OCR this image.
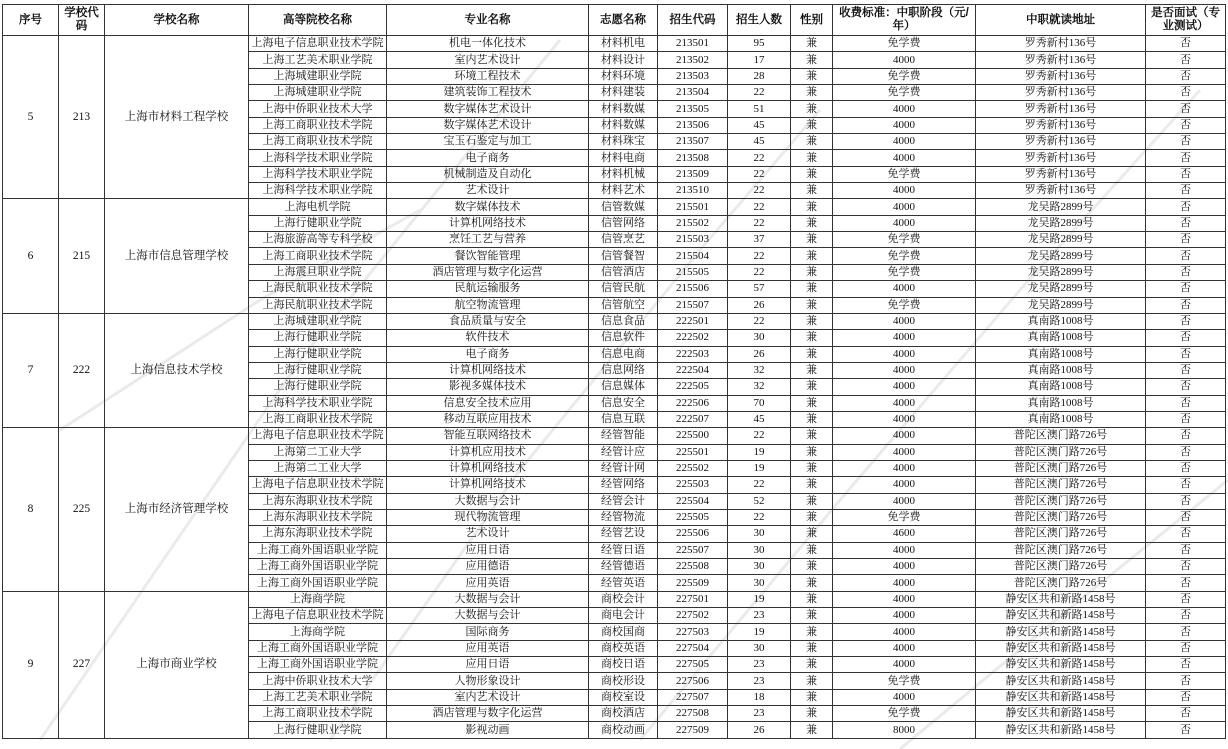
序号	学校代码	学校名称	高等院校名称	专业名称	志愿名称	招生代码	招生人数	性别	收费标准：中职阶段（元/年）	中职就读地址	是否面试（专业测试）
5	213	上海市材料工程学校	上海电子信息职业技术学院	机电一体化技术	材料机电	213501	95	兼	免学费	罗秀新村136号	否
			上海工艺美术职业学院	室内艺术设计	材料设计	213502	17	兼	4000	罗秀新村136号	否
			上海城建职业学院	环境工程技术	材料环境	213503	28	兼	免学费	罗秀新村136号	否
			上海城建职业学院	建筑装饰工程技术	材料建装	213504	22	兼	免学费	罗秀新村136号	否
			上海中侨职业技术大学	数字媒体艺术设计	材料数媒	213505	51	兼	4000	罗秀新村136号	否
			上海工商职业技术学院	数字媒体艺术设计	材料数媒	213506	45	兼	4000	罗秀新村136号	否
			上海工商职业技术学院	宝玉石鉴定与加工	材料珠宝	213507	45	兼	4000	罗秀新村136号	否
			上海科学技术职业学院	电子商务	材料电商	213508	22	兼	4000	罗秀新村136号	否
			上海科学技术职业学院	机械制造及自动化	材料机械	213509	22	兼	免学费	罗秀新村136号	否
			上海科学技术职业学院	艺术设计	材料艺术	213510	22	兼	4000	罗秀新村136号	否
6	215	上海市信息管理学校	上海电机学院	数字媒体技术	信管数媒	215501	22	兼	4000	龙吴路2899号	否
			上海行健职业学院	计算机网络技术	信管网络	215502	22	兼	4000	龙吴路2899号	否
			上海旅游高等专科学校	烹饪工艺与营养	信管烹艺	215503	37	兼	免学费	龙吴路2899号	否
			上海工商职业技术学院	餐饮智能管理	信管餐智	215504	22	兼	免学费	龙吴路2899号	否
			上海震旦职业学院	酒店管理与数字化运营	信管酒店	215505	22	兼	免学费	龙吴路2899号	否
			上海民航职业技术学院	民航运输服务	信管民航	215506	57	兼	4000	龙吴路2899号	否
			上海民航职业技术学院	航空物流管理	信管航空	215507	26	兼	免学费	龙吴路2899号	否
7	222	上海信息技术学校	上海城建职业学院	食品质量与安全	信息食品	222501	22	兼	4000	真南路1008号	否
			上海行健职业学院	软件技术	信息软件	222502	30	兼	4000	真南路1008号	否
			上海行健职业学院	电子商务	信息电商	222503	26	兼	4000	真南路1008号	否
			上海行健职业学院	计算机网络技术	信息网络	222504	32	兼	4000	真南路1008号	否
			上海行健职业学院	影视多媒体技术	信息媒体	222505	32	兼	4000	真南路1008号	否
			上海科学技术职业学院	信息安全技术应用	信息安全	222506	70	兼	4000	真南路1008号	否
			上海工商职业技术学院	移动互联应用技术	信息互联	222507	45	兼	4000	真南路1008号	否
8	225	上海市经济管理学校	上海电子信息职业技术学院	智能互联网络技术	经管智能	225500	22	兼	4000	普陀区澳门路726号	否
			上海第二工业大学	计算机应用技术	经管计应	225501	19	兼	4000	普陀区澳门路726号	否
			上海第二工业大学	计算机网络技术	经管计网	225502	19	兼	4000	普陀区澳门路726号	否
			上海电子信息职业技术学院	计算机网络技术	经管网络	225503	22	兼	4000	普陀区澳门路726号	否
			上海东海职业技术学院	大数据与会计	经管会计	225504	52	兼	4000	普陀区澳门路726号	否
			上海东海职业技术学院	现代物流管理	经管物流	225505	22	兼	免学费	普陀区澳门路726号	否
			上海东海职业技术学院	艺术设计	经管艺设	225506	30	兼	4600	普陀区澳门路726号	否
			上海工商外国语职业学院	应用日语	经管日语	225507	30	兼	4000	普陀区澳门路726号	否
			上海工商外国语职业学院	应用德语	经管德语	225508	30	兼	4000	普陀区澳门路726号	否
			上海工商外国语职业学院	应用英语	经管英语	225509	30	兼	4000	普陀区澳门路726号	否
9	227	上海市商业学校	上海商学院	大数据与会计	商校会计	227501	19	兼	4000	静安区共和新路1458号	否
			上海电子信息职业技术学院	大数据与会计	商电会计	227502	23	兼	4000	静安区共和新路1458号	否
			上海商学院	国际商务	商校国商	227503	19	兼	4000	静安区共和新路1458号	否
			上海工商外国语职业学院	应用英语	商校英语	227504	30	兼	4000	静安区共和新路1458号	否
			上海工商外国语职业学院	应用日语	商校日语	227505	23	兼	4000	静安区共和新路1458号	否
			上海中侨职业技术大学	人物形象设计	商校形设	227506	23	兼	免学费	静安区共和新路1458号	否
			上海工艺美术职业学院	室内艺术设计	商校室设	227507	18	兼	4000	静安区共和新路1458号	否
			上海工商职业技术学院	酒店管理与数字化运营	商校酒店	227508	23	兼	免学费	静安区共和新路1458号	否
			上海行健职业学院	影视动画	商校动画	227509	26	兼	8000	静安区共和新路1458号	否
